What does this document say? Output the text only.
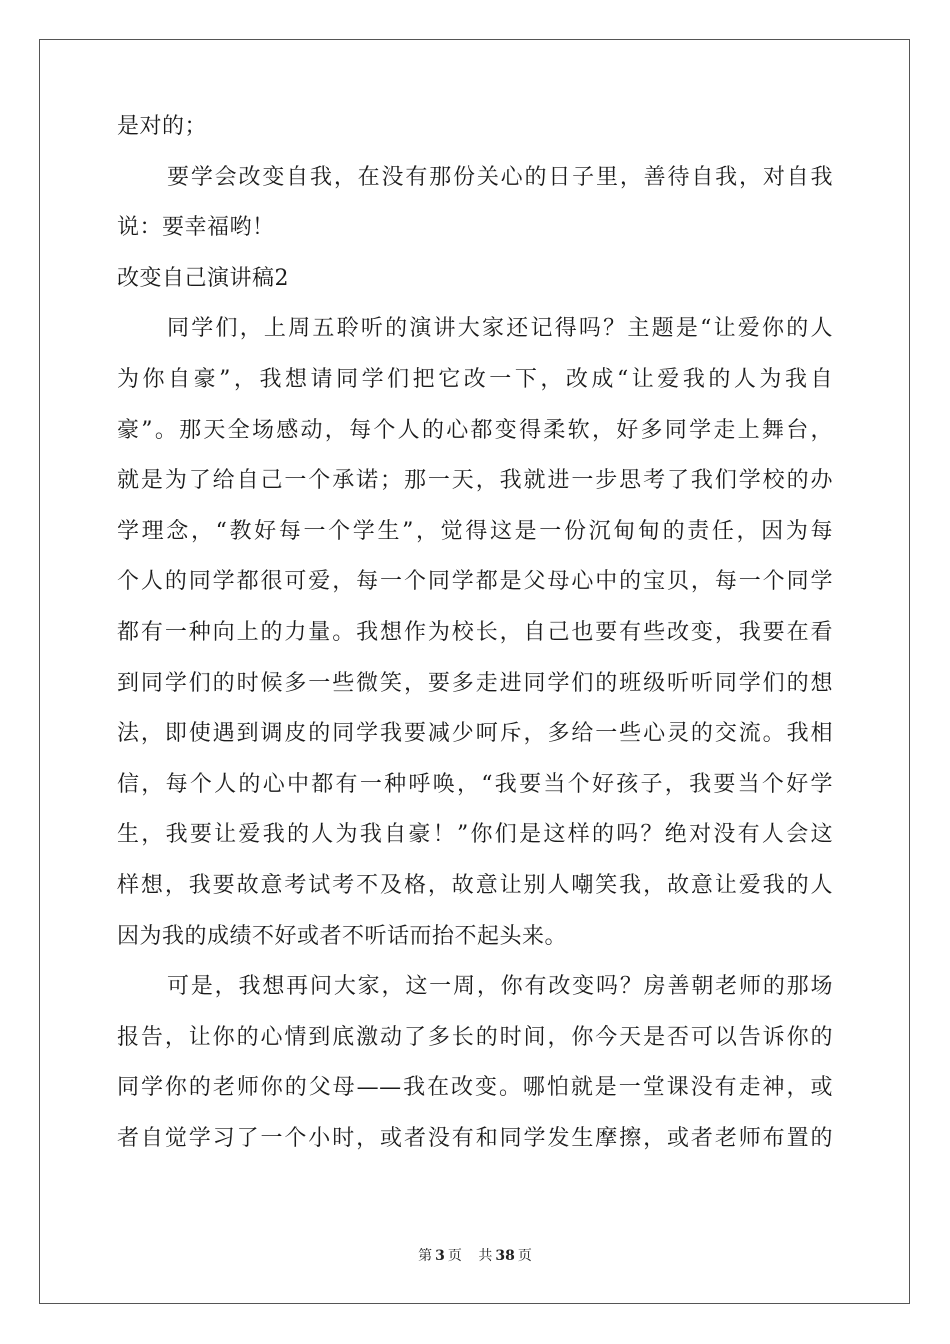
是对的；
要学会改变自我，在没有那份关心的日子里，善待自我，对自我
说：要幸福哟！
改变自己演讲稿2
同学们，上周五聆听的演讲大家还记得吗？主题是“让爱你的人
为你自豪”，我想请同学们把它改一下，改成“让爱我的人为我自
豪”。那天全场感动，每个人的心都变得柔软，好多同学走上舞台，
就是为了给自己一个承诺；那一天，我就进一步思考了我们学校的办
学理念，“教好每一个学生”，觉得这是一份沉甸甸的责任，因为每
个人的同学都很可爱，每一个同学都是父母心中的宝贝，每一个同学
都有一种向上的力量。我想作为校长，自己也要有些改变，我要在看
到同学们的时候多一些微笑，要多走进同学们的班级听听同学们的想
法，即使遇到调皮的同学我要减少呵斥，多给一些心灵的交流。我相
信，每个人的心中都有一种呼唤，“我要当个好孩子，我要当个好学
生，我要让爱我的人为我自豪！”你们是这样的吗？绝对没有人会这
样想，我要故意考试考不及格，故意让别人嘲笑我，故意让爱我的人
因为我的成绩不好或者不听话而抬不起头来。
可是，我想再问大家，这一周，你有改变吗？房善朝老师的那场
报告，让你的心情到底激动了多长的时间，你今天是否可以告诉你的
同学你的老师你的父母——我在改变。哪怕就是一堂课没有走神，或
者自觉学习了一个小时，或者没有和同学发生摩擦，或者老师布置的
第 3 页 共 38 页
